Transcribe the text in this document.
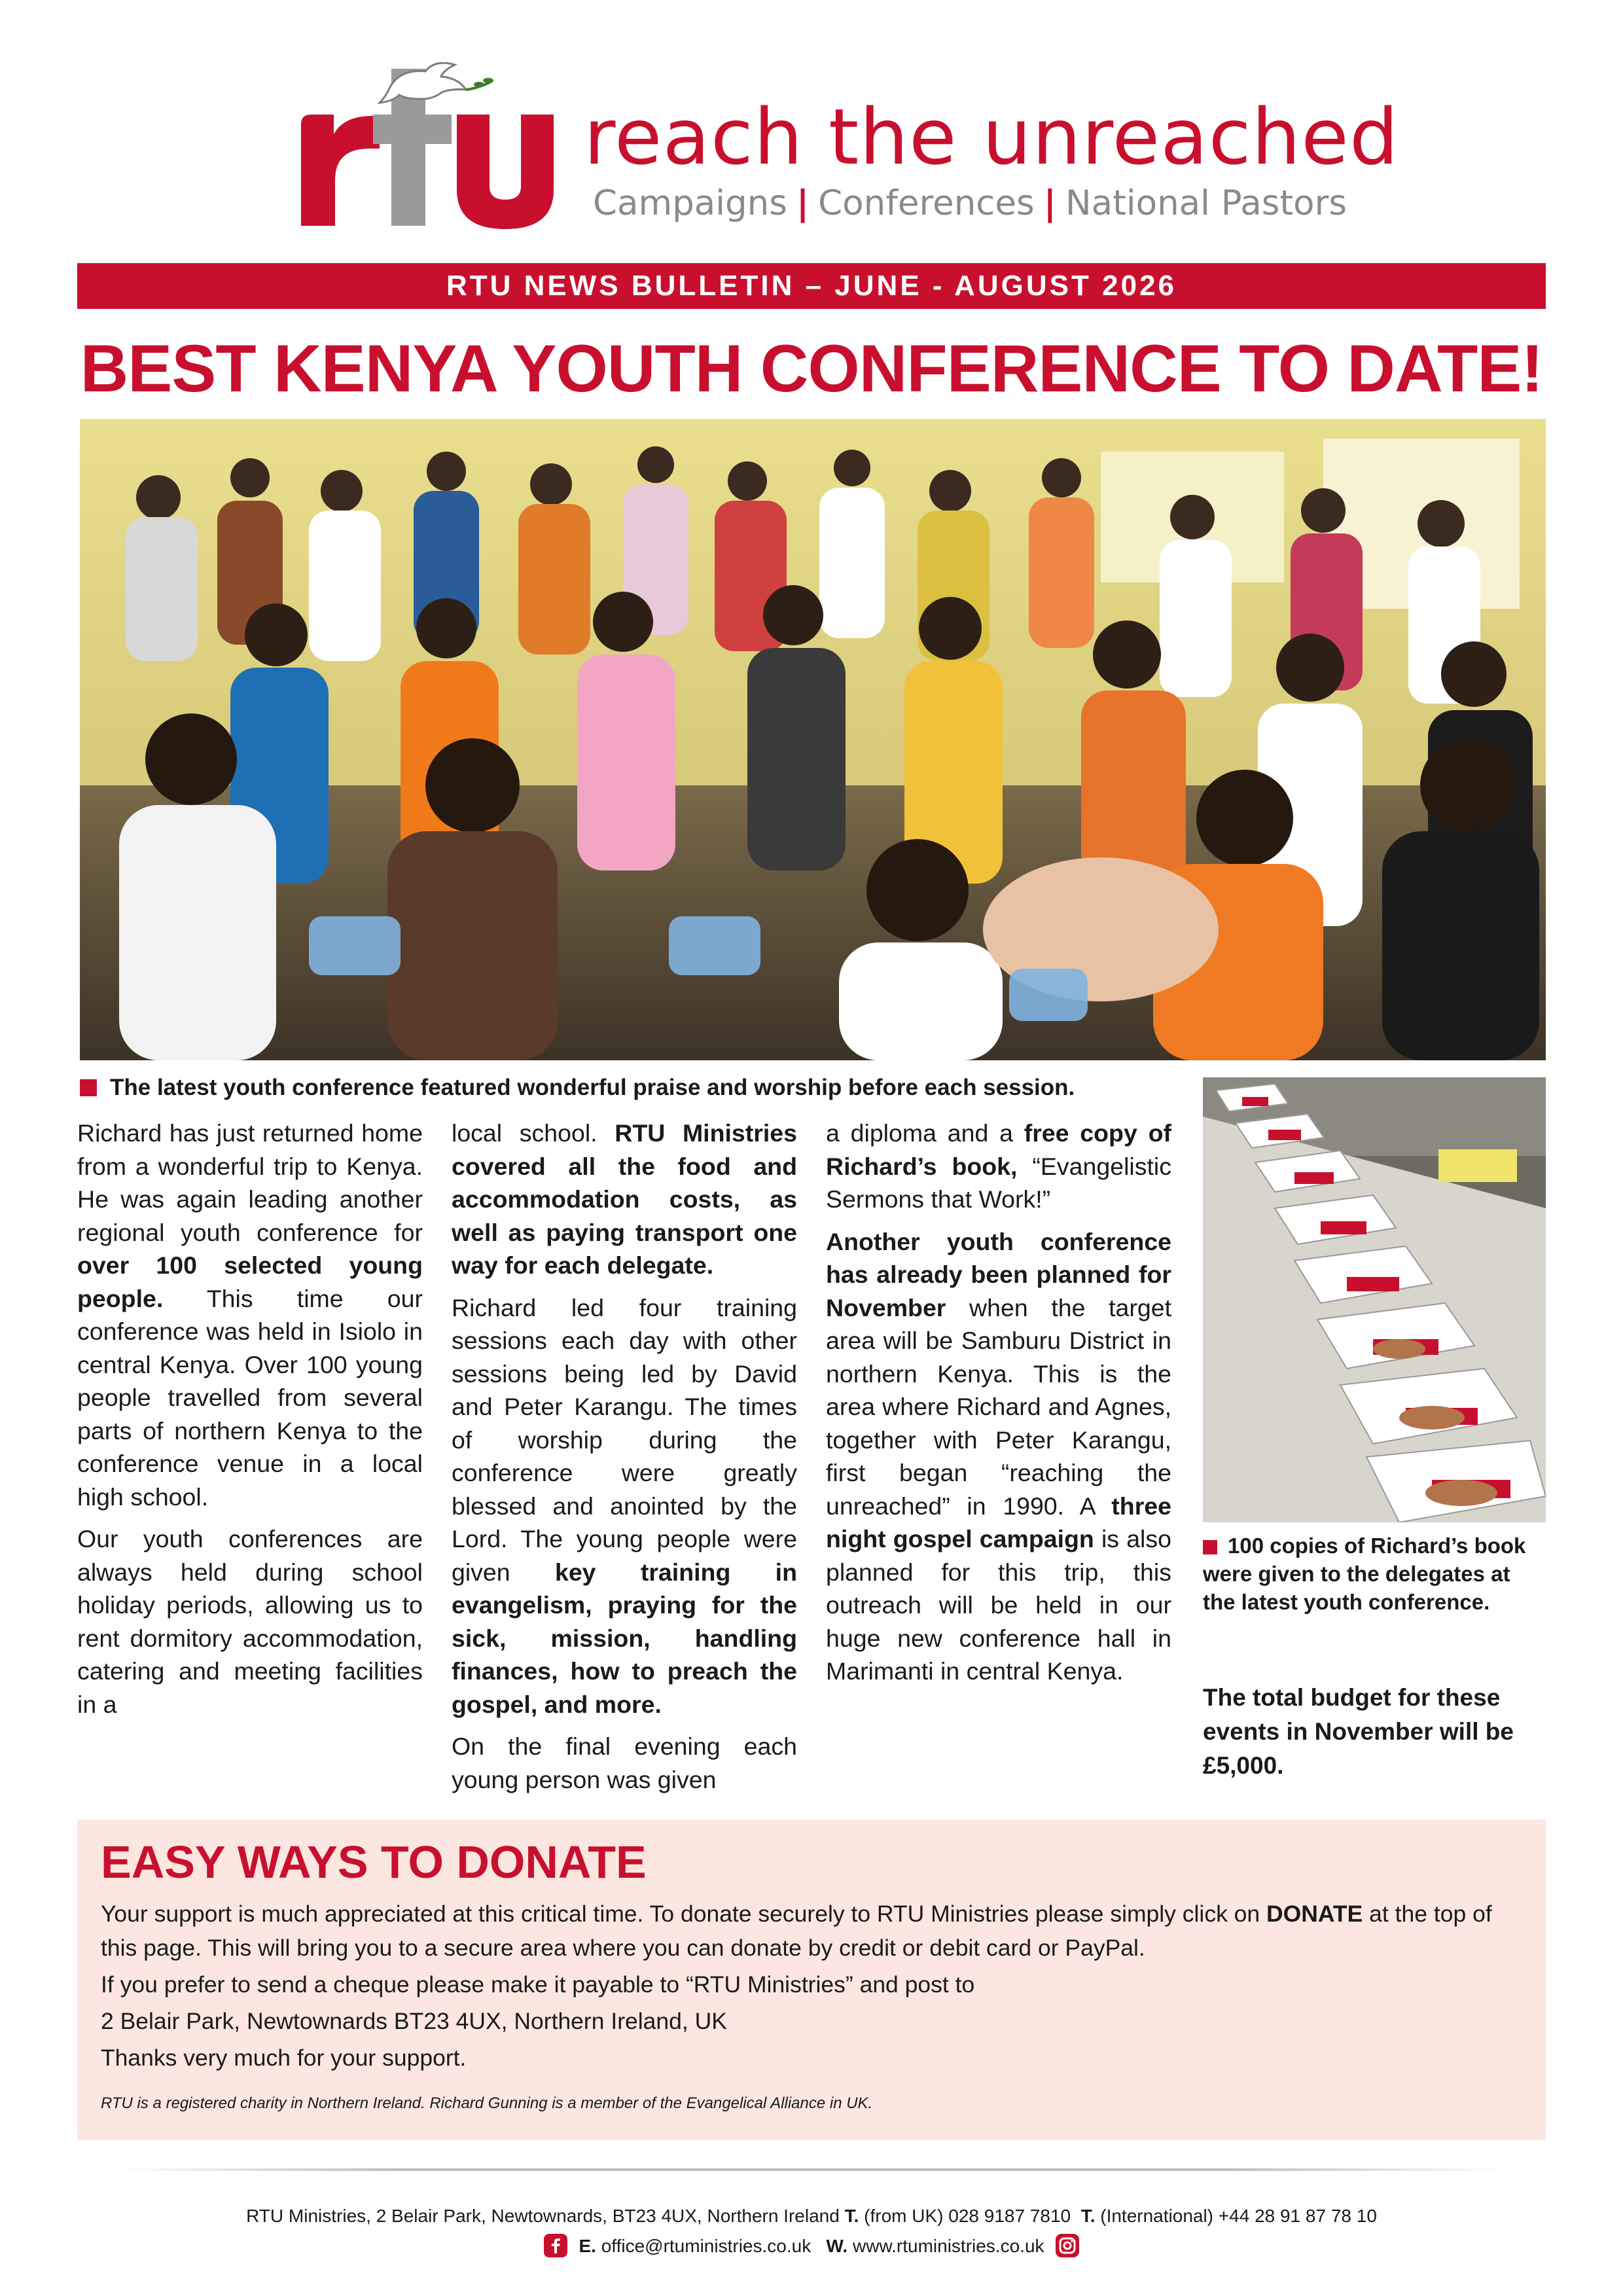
reach the unreached
Campaigns | Conferences | National Pastors
RTU NEWS BULLETIN – JUNE - AUGUST 2026
BEST KENYA YOUTH CONFERENCE TO DATE!
The latest youth conference featured wonderful praise and worship before each session.

Richard has just returned home from a wonderful trip to Kenya. He was again leading another regional youth conference for over 100 selected young people. This time our conference was held in Isiolo in central Kenya. Over 100 young people travelled from several parts of northern Kenya to the conference venue in a local high school.

Our youth conferences are always held during school holiday periods, allowing us to rent dormitory accommodation, catering and meeting facilities in a

local school. RTU Ministries covered all the food and accommodation costs, as well as paying transport one way for each delegate.

Richard led four training sessions each day with other sessions being led by David and Peter Karangu. The times of worship during the conference were greatly blessed and anointed by the Lord. The young people were given key training in evangelism, praying for the sick, mission, handling finances, how to preach the gospel, and more.

On the final evening each young person was given

a diploma and a free copy of Richard’s book, “Evangelistic Sermons that Work!”

Another youth conference has already been planned for November when the target area will be Samburu District in northern Kenya. This is the area where Richard and Agnes, together with Peter Karangu, first began “reaching the unreached” in 1990. A three night gospel campaign is also planned for this trip, this outreach will be held in our huge new conference hall in Marimanti in central Kenya.

100 copies of Richard’s book were given to the delegates at the latest youth conference.
The total budget for these events in November will be £5,000.
EASY WAYS TO DONATE

Your support is much appreciated at this critical time. To donate securely to RTU Ministries please simply click on DONATE at the top of this page. This will bring you to a secure area where you can donate by credit or debit card or PayPal.

If you prefer to send a cheque please make it payable to “RTU Ministries” and post to

2 Belair Park, Newtownards BT23 4UX, Northern Ireland, UK

Thanks very much for your support.

RTU is a registered charity in Northern Ireland. Richard Gunning is a member of the Evangelical Alliance in UK.
RTU Ministries, 2 Belair Park, Newtownards, BT23 4UX, Northern Ireland T. (from UK) 028 9187 7810 T. (International) +44 28 91 87 78 10
E. office@rtuministries.co.uk W. www.rtuministries.co.uk
